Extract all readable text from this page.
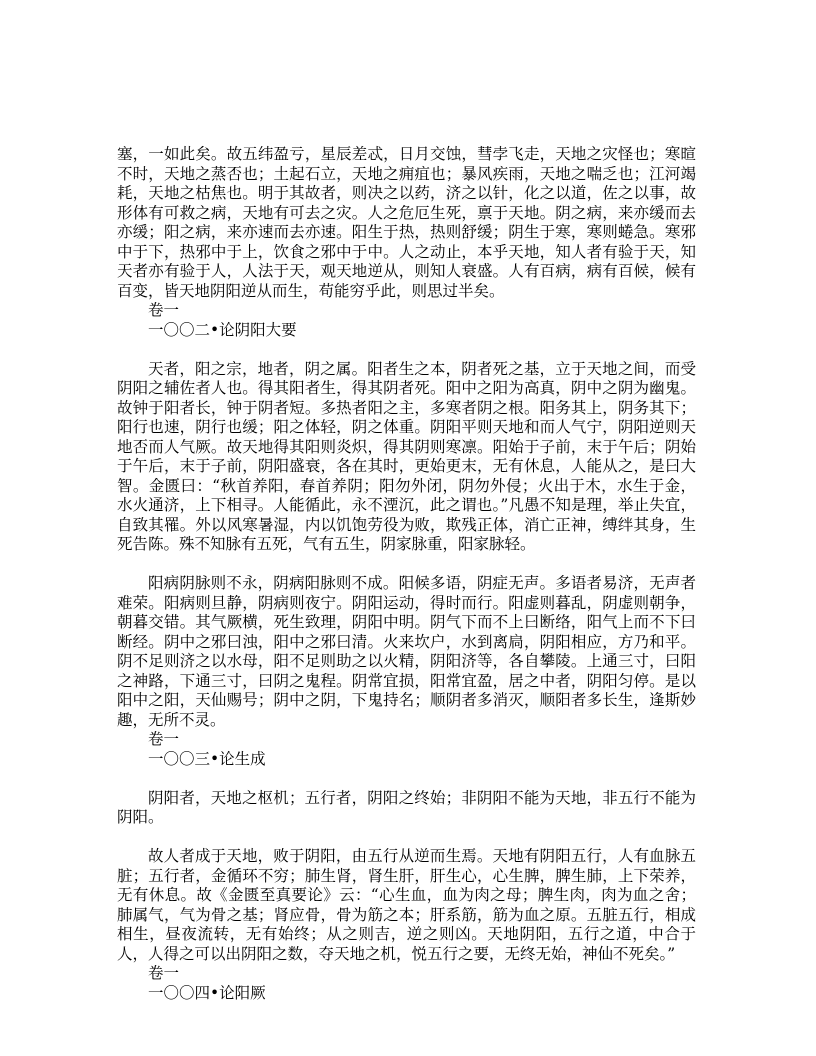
塞，一如此矣。故五纬盈亏，星辰差忒，日月交蚀，彗孛飞走，天地之灾怪也；寒暄不时，天地之蒸否也；土起石立，天地之痈疽也；暴风疾雨，天地之喘乏也；江河竭耗，天地之枯焦也。明于其故者，则决之以药，济之以针，化之以道，佐之以事，故形体有可救之病，天地有可去之灾。人之危厄生死，禀于天地。阴之病，来亦缓而去亦缓；阳之病，来亦速而去亦速。阳生于热，热则舒缓；阴生于寒，寒则蜷急。寒邪中于下，热邪中于上，饮食之邪中于中。人之动止，本乎天地，知人者有验于天，知天者亦有验于人，人法于天，观天地逆从，则知人衰盛。人有百病，病有百候，候有百变，皆天地阴阳逆从而生，苟能穷乎此，则思过半矣。

卷一

一〇〇二•论阴阳大要

天者，阳之宗，地者，阴之属。阳者生之本，阴者死之基，立于天地之间，而受阴阳之辅佐者人也。得其阳者生，得其阴者死。阳中之阳为高真，阴中之阴为幽鬼。故钟于阳者长，钟于阴者短。多热者阳之主，多寒者阴之根。阳务其上，阴务其下；阳行也速，阴行也缓；阳之体轻，阴之体重。阴阳平则天地和而人气宁，阴阳逆则天地否而人气厥。故天地得其阳则炎炽，得其阴则寒凛。阳始于子前，末于午后；阴始于午后，末于子前，阴阳盛衰，各在其时，更始更末，无有休息，人能从之，是曰大智。金匮曰：“秋首养阳，春首养阴；阳勿外闭，阴勿外侵；火出于木，水生于金，水火通济，上下相寻。人能循此，永不湮沉，此之谓也。”凡愚不知是理，举止失宜，自致其罹。外以风寒暑湿，内以饥饱劳役为败，欺残正体，消亡正神，缚绊其身，生死告陈。殊不知脉有五死，气有五生，阴家脉重，阳家脉轻。

阳病阴脉则不永，阴病阳脉则不成。阳候多语，阴症无声。多语者易济，无声者难荣。阳病则旦静，阴病则夜宁。阴阳运动，得时而行。阳虚则暮乱，阴虚则朝争，朝暮交错。其气厥横，死生致理，阴阳中明。阴气下而不上曰断络，阳气上而不下曰断经。阴中之邪曰浊，阳中之邪曰清。火来坎户，水到离扃，阴阳相应，方乃和平。阴不足则济之以水母，阳不足则助之以火精，阴阳济等，各自攀陵。上通三寸，曰阳之神路，下通三寸，曰阴之鬼程。阴常宜损，阳常宜盈，居之中者，阴阳匀停。是以阳中之阳，天仙赐号；阴中之阴，下鬼持名；顺阴者多消灭，顺阳者多长生，逢斯妙趣，无所不灵。

卷一

一〇〇三•论生成

阴阳者，天地之枢机；五行者，阴阳之终始；非阴阳不能为天地，非五行不能为阴阳。

故人者成于天地，败于阴阳，由五行从逆而生焉。天地有阴阳五行，人有血脉五脏；五行者，金循环不穷；肺生肾，肾生肝，肝生心，心生脾，脾生肺，上下荣养，无有休息。故《金匮至真要论》云：“心生血，血为肉之母；脾生肉，肉为血之舍；肺属气，气为骨之基；肾应骨，骨为筋之本；肝系筋，筋为血之原。五脏五行，相成相生，昼夜流转，无有始终；从之则吉，逆之则凶。天地阴阳，五行之道，中合于人，人得之可以出阴阳之数，夺天地之机，悦五行之要，无终无始，神仙不死矣。”

卷一

一〇〇四•论阳厥
